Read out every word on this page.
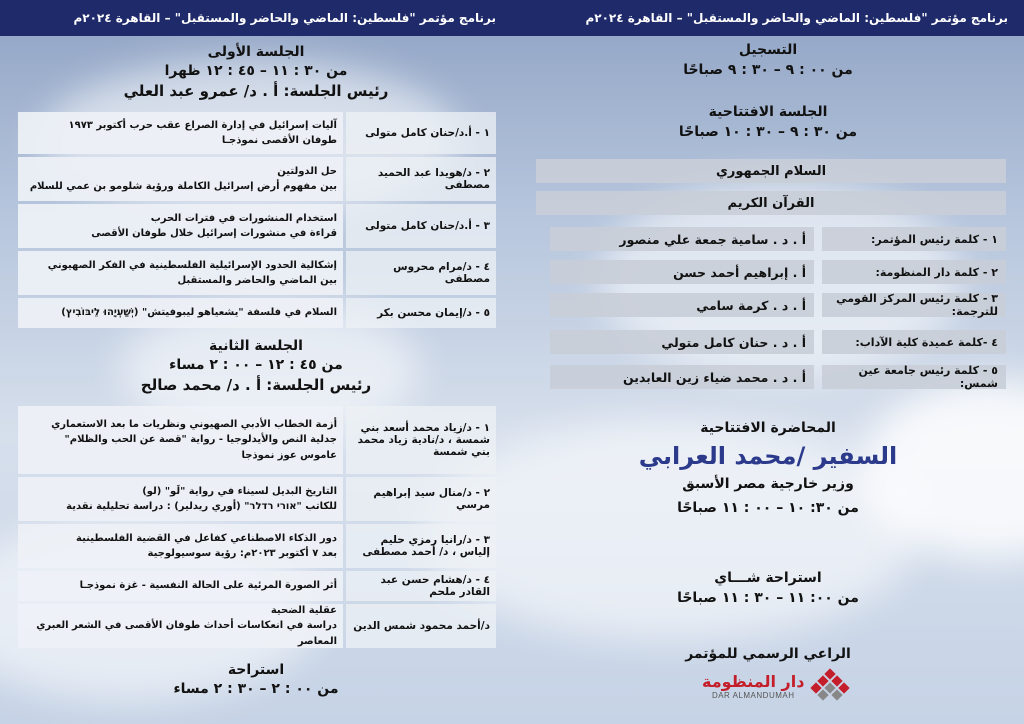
برنامج مؤتمر "فلسطين: الماضي والحاضر والمستقبل" – القاهرة ٢٠٢٤م
التسجيل
من ٠٠ : ٩ – ٣٠ : ٩ صباحًا
الجلسة الافتتاحية
من ٣٠ : ٩ – ٣٠ : ١٠ صباحًا
السلام الجمهوري
القرآن الكريم
١ - كلمة رئيس المؤتمر:
أ . د . سامية جمعة علي منصور
٢ - كلمة دار المنظومة:
أ . إبراهيم أحمد حسن
٣ - كلمة رئيس المركز القومي للترجمة:
أ . د . كرمة سامي
٤ -كلمة عميدة كلية الآداب:
أ . د . حنان كامل متولي
٥ - كلمة رئيس جامعة عين شمس:
أ . د . محمد ضياء زين العابدين
المحاضرة الافتتاحية
السفير /محمد العرابي
وزير خارجية مصر الأسبق
من ٣٠: ١٠ – ٠٠ : ١١ صباحًا
استراحة شـــاي
من ٠٠: ١١ – ٣٠ : ١١ صباحًا
الراعي الرسمي للمؤتمر
دار المنظومة
DAR ALMANDUMAH
برنامج مؤتمر "فلسطين: الماضي والحاضر والمستقبل" – القاهرة ٢٠٢٤م
الجلسة الأولى
من ٣٠ : ١١ – ٤٥ : ١٢ ظهرا
رئيس الجلسة: أ . د/ عمرو عبد العلي
١ - أ.د/حنان كامل متولى
آليات إسرائيل في إدارة الصراع عقب حرب أكتوبر ١٩٧٣
طوفان الأقصى نموذجـا
٢ - د/هويدا عبد الحميد مصطفى
حل الدولتين
بين مفهوم أرض إسرائيل الكاملة ورؤية شلومو بن عمي للسلام
٣ - أ.د/حنان كامل متولى
استخدام المنشورات في فترات الحرب
قراءة في منشورات إسرائيل خلال طوفان الأقصى
٤ - د/مرام محروس مصطفى
إشكالية الحدود الإسرائيلية الفلسطينية في الفكر الصهيوني
بين الماضي والحاضر والمستقبل
٥ - د/إيمان محسن بكر
السلام في فلسفة "يشعياهو ليبوفيتش" (יְשַׁעְיָהוּ לֵיבּוֹבִיץ)
الجلسة الثانية
من ٤٥ : ١٢ – ٠٠ : ٢ مساء
رئيس الجلسة: أ . د/ محمد صالح
١ - د/زياد محمد أسعد بني شمسة ، د/نادية زياد محمد بني شمسة
أزمة الخطاب الأدبي الصهيوني ونظريات ما بعد الاستعماري
جدلية النص والأيدلوجيا - رواية "قصة عن الحب والظلام"
عاموس عوز نموذجا
٢ - د/منال سيد إبراهيم مرسي
التاريخ البديل لسيناء في رواية "لَو" (لو)
للكاتب "אורי רדלר" (أوري ريدلير) : دراسة تحليلية نقدية
٣ - د/رانيا رمزي حليم إلياس ، د/ أحمد مصطفى
دور الذكاء الاصطناعي كفاعل في القضية الفلسطينية
بعد ٧ أكتوبر ٢٠٢٣م: رؤية سوسيولوجية
٤ - د/هشام حسن عبد القادر ملحم
أثر الصورة المرئية على الحالة النفسية - غزة نموذجـا
د/أحمد محمود شمس الدين
عقلية الضحية
دراسة في انعكاسات أحداث طوفان الأقصى في الشعر العبري المعاصر
استراحة
من ٠٠ : ٢ – ٣٠ : ٢ مساء
